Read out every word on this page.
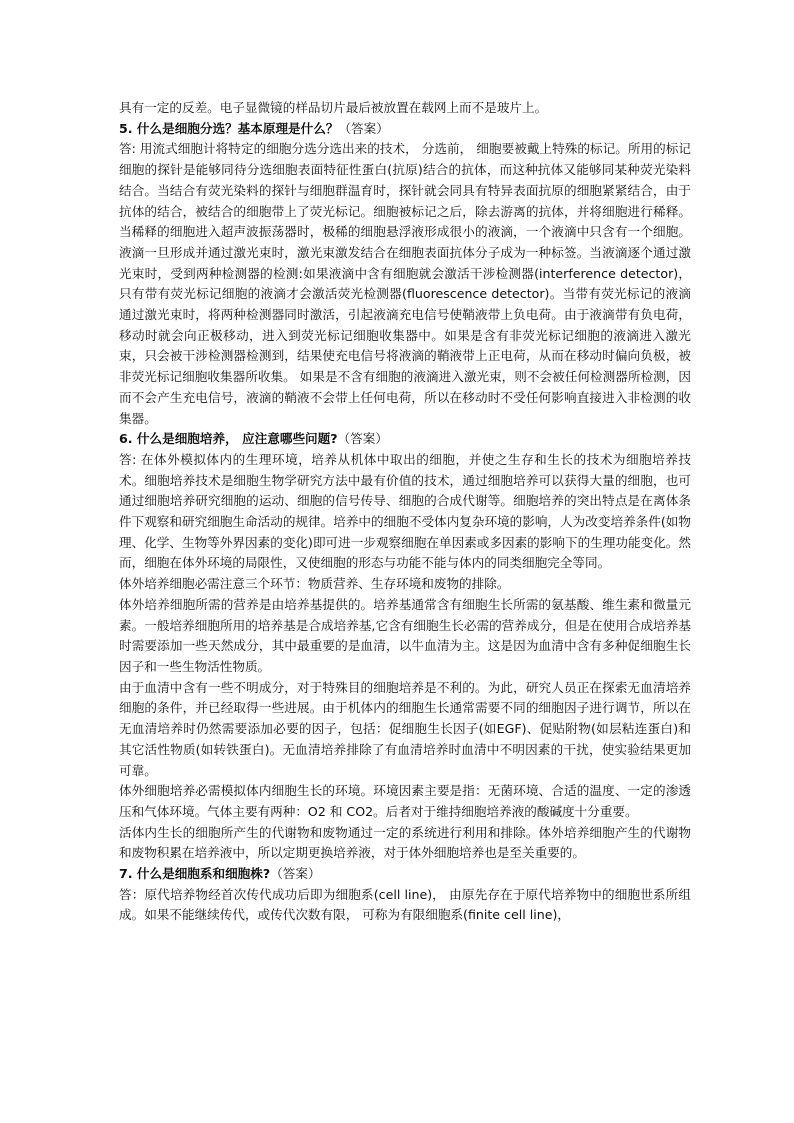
具有一定的反差。电子显微镜的样品切片最后被放置在载网上而不是玻片上。

5. 什么是细胞分选？基本原理是什么？（答案）

答: 用流式细胞计将特定的细胞分选分选出来的技术， 分选前， 细胞要被戴上特殊的标记。所用的标记细胞的探针是能够同待分选细胞表面特征性蛋白(抗原)结合的抗体，而这种抗体又能够同某种荧光染料结合。当结合有荧光染料的探针与细胞群温育时，探针就会同具有特异表面抗原的细胞紧紧结合，由于抗体的结合，被结合的细胞带上了荧光标记。细胞被标记之后，除去游离的抗体，并将细胞进行稀释。当稀释的细胞进入超声波振荡器时，极稀的细胞悬浮液形成很小的液滴，一个液滴中只含有一个细胞。液滴一旦形成并通过激光束时，激光束激发结合在细胞表面抗体分子成为一种标签。当液滴逐个通过激光束时，受到两种检测器的检测:如果液滴中含有细胞就会激活干涉检测器(interference detector)，只有带有荧光标记细胞的液滴才会激活荧光检测器(fluorescence detector)。当带有荧光标记的液滴通过激光束时，将两种检测器同时激活，引起液滴充电信号使鞘液带上负电荷。由于液滴带有负电荷，移动时就会向正极移动，进入到荧光标记细胞收集器中。如果是含有非荧光标记细胞的液滴进入激光束，只会被干涉检测器检测到，结果使充电信号将液滴的鞘液带上正电荷，从而在移动时偏向负极，被非荧光标记细胞收集器所收集。 如果是不含有细胞的液滴进入激光束，则不会被任何检测器所检测，因而不会产生充电信号，液滴的鞘液不会带上任何电荷，所以在移动时不受任何影响直接进入非检测的收集器。

6. 什么是细胞培养， 应注意哪些问题?（答案）

答: 在体外模拟体内的生理环境，培养从机体中取出的细胞，并使之生存和生长的技术为细胞培养技术。细胞培养技术是细胞生物学研究方法中最有价值的技术，通过细胞培养可以获得大量的细胞，也可通过细胞培养研究细胞的运动、细胞的信号传导、细胞的合成代谢等。细胞培养的突出特点是在离体条件下观察和研究细胞生命活动的规律。培养中的细胞不受体内复杂环境的影响，人为改变培养条件(如物理、化学、生物等外界因素的变化)即可进一步观察细胞在单因素或多因素的影响下的生理功能变化。然而，细胞在体外环境的局限性，又使细胞的形态与功能不能与体内的同类细胞完全等同。

体外培养细胞必需注意三个环节：物质营养、生存环境和废物的排除。

体外培养细胞所需的营养是由培养基提供的。培养基通常含有细胞生长所需的氨基酸、维生素和微量元素。一般培养细胞所用的培养基是合成培养基,它含有细胞生长必需的营养成分，但是在使用合成培养基时需要添加一些天然成分，其中最重要的是血清，以牛血清为主。这是因为血清中含有多种促细胞生长因子和一些生物活性物质。

由于血清中含有一些不明成分，对于特殊目的细胞培养是不利的。为此，研究人员正在探索无血清培养细胞的条件，并已经取得一些进展。由于机体内的细胞生长通常需要不同的细胞因子进行调节，所以在无血清培养时仍然需要添加必要的因子，包括：促细胞生长因子(如EGF)、促贴附物(如层粘连蛋白)和其它活性物质(如转铁蛋白)。无血清培养排除了有血清培养时血清中不明因素的干扰，使实验结果更加可靠。

体外细胞培养必需模拟体内细胞生长的环境。环境因素主要是指：无菌环境、合适的温度、一定的渗透压和气体环境。气体主要有两种：O2 和 CO2。后者对于维持细胞培养液的酸碱度十分重要。

活体内生长的细胞所产生的代谢物和废物通过一定的系统进行利用和排除。体外培养细胞产生的代谢物和废物积累在培养液中，所以定期更换培养液，对于体外细胞培养也是至关重要的。

7. 什么是细胞系和细胞株?（答案）

答：原代培养物经首次传代成功后即为细胞系(cell line)， 由原先存在于原代培养物中的细胞世系所组成。如果不能继续传代，或传代次数有限， 可称为有限细胞系(finite cell line)，
